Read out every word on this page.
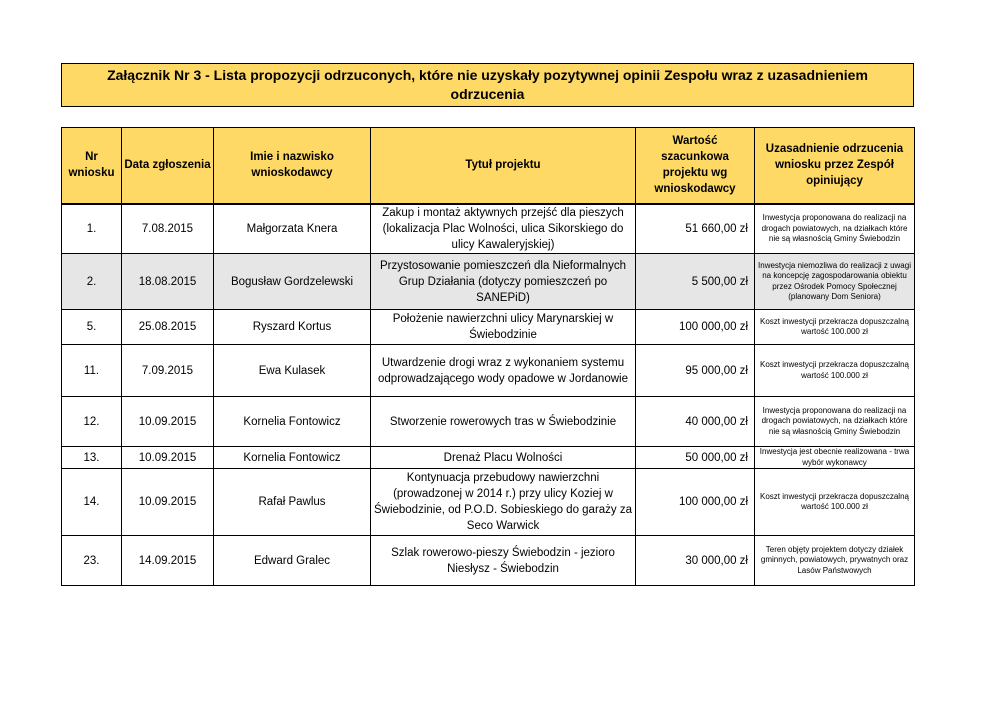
Załącznik Nr 3 - Lista propozycji odrzuconych, które nie uzyskały pozytywnej opinii Zespołu wraz z uzasadnieniem odrzucenia
Nr wniosku	Data zgłoszenia	Imie i nazwisko wnioskodawcy	Tytuł projektu	Wartość szacunkowa projektu wg wnioskodawcy	Uzasadnienie odrzucenia wniosku przez Zespół opiniujący
1.	7.08.2015	Małgorzata Knera	Zakup i montaż aktywnych przejść dla pieszych (lokalizacja Plac Wolności, ulica Sikorskiego do ulicy Kawaleryjskiej)	51 660,00 zł	Inwestycja proponowana do realizacji na drogach powiatowych, na działkach które nie są własnością Gminy Świebodzin
2.	18.08.2015	Bogusław Gordzelewski	Przystosowanie pomieszczeń dla Nieformalnych Grup Działania (dotyczy pomieszczeń po SANEPiD)	5 500,00 zł	Inwestycja niemozliwa do realizacji z uwagi na koncepcję zagospodarowania obiektu przez Ośrodek Pomocy Społecznej (planowany Dom Seniora)
5.	25.08.2015	Ryszard Kortus	Położenie nawierzchni ulicy Marynarskiej w Świebodzinie	100 000,00 zł	Koszt inwestycji przekracza dopuszczalną wartość 100.000 zł
11.	7.09.2015	Ewa Kulasek	Utwardzenie drogi wraz z wykonaniem systemu odprowadzającego wody opadowe w Jordanowie	95 000,00 zł	Koszt inwestycji przekracza dopuszczalną wartość 100.000 zł
12.	10.09.2015	Kornelia Fontowicz	Stworzenie rowerowych tras w Świebodzinie	40 000,00 zł	Inwestycja proponowana do realizacji na drogach powiatowych, na działkach które nie są własnością Gminy Świebodzin
13.	10.09.2015	Kornelia Fontowicz	Drenaż Placu Wolności	50 000,00 zł	Inwestycja jest obecnie realizowana - trwa wybór wykonawcy
14.	10.09.2015	Rafał Pawlus	Kontynuacja przebudowy nawierzchni (prowadzonej w 2014 r.) przy ulicy Koziej w Świebodzinie, od P.O.D. Sobieskiego do garaży za Seco Warwick	100 000,00 zł	Koszt inwestycji przekracza dopuszczalną wartość 100.000 zł
23.	14.09.2015	Edward Gralec	Szlak rowerowo-pieszy Świebodzin - jezioro Niesłysz - Świebodzin	30 000,00 zł	Teren objęty projektem dotyczy działek gminnych, powiatowych, prywatnych oraz Lasów Państwowych
